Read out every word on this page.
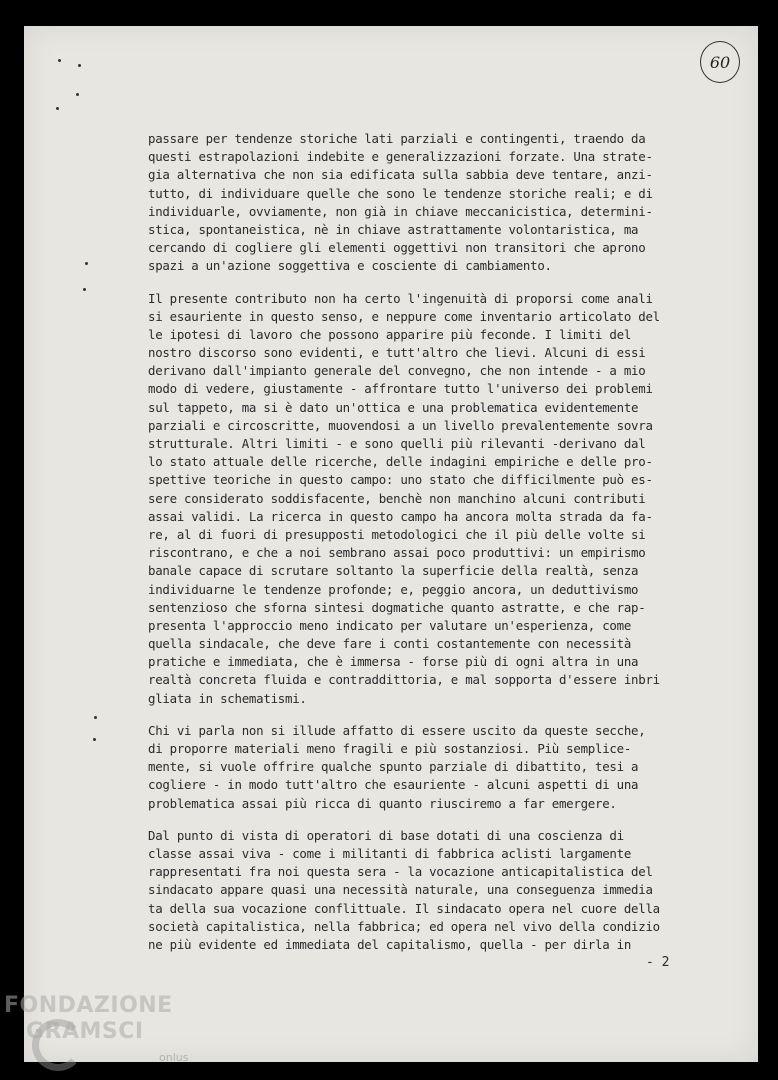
60
passare per tendenze storiche lati parziali e contingenti, traendo da
questi estrapolazioni indebite e generalizzazioni forzate. Una strate-
gia alternativa che non sia edificata sulla sabbia deve tentare, anzi-
tutto, di individuare quelle che sono le tendenze storiche reali; e di
individuarle, ovviamente, non già in chiave meccanicistica, determini-
stica, spontaneistica, nè in chiave astrattamente volontaristica, ma
cercando di cogliere gli elementi oggettivi non transitori che aprono
spazi a un'azione soggettiva e cosciente di cambiamento.
Il presente contributo non ha certo l'ingenuità di proporsi come anali
si esauriente in questo senso, e neppure come inventario articolato del
le ipotesi di lavoro che possono apparire più feconde. I limiti del
nostro discorso sono evidenti, e tutt'altro che lievi. Alcuni di essi
derivano dall'impianto generale del convegno, che non intende - a mio
modo di vedere, giustamente - affrontare tutto l'universo dei problemi
sul tappeto, ma si è dato un'ottica e una problematica evidentemente
parziali e circoscritte, muovendosi a un livello prevalentemente sovra
strutturale. Altri limiti - e sono quelli più rilevanti -derivano dal
lo stato attuale delle ricerche, delle indagini empiriche e delle pro-
spettive teoriche in questo campo: uno stato che difficilmente può es-
sere considerato soddisfacente, benchè non manchino alcuni contributi
assai validi. La ricerca in questo campo ha ancora molta strada da fa-
re, al di fuori di presupposti metodologici che il più delle volte si
riscontrano, e che a noi sembrano assai poco produttivi: un empirismo
banale capace di scrutare soltanto la superficie della realtà, senza
individuarne le tendenze profonde; e, peggio ancora, un deduttivismo
sentenzioso che sforna sintesi dogmatiche quanto astratte, e che rap-
presenta l'approccio meno indicato per valutare un'esperienza, come
quella sindacale, che deve fare i conti costantemente con necessità
pratiche e immediata, che è immersa - forse più di ogni altra in una
realtà concreta fluida e contraddittoria, e mal sopporta d'essere inbri
gliata in schematismi.
Chi vi parla non si illude affatto di essere uscito da queste secche,
di proporre materiali meno fragili e più sostanziosi. Più semplice-
mente, si vuole offrire qualche spunto parziale di dibattito, tesi a
cogliere - in modo tutt'altro che esauriente - alcuni aspetti di una
problematica assai più ricca di quanto riusciremo a far emergere.
Dal punto di vista di operatori di base dotati di una coscienza di
classe assai viva - come i militanti di fabbrica aclisti largamente
rappresentati fra noi questa sera - la vocazione anticapitalistica del
sindacato appare quasi una necessità naturale, una conseguenza immedia
ta della sua vocazione conflittuale. Il sindacato opera nel cuore della
società capitalistica, nella fabbrica; ed opera nel vivo della condizio
ne più evidente ed immediata del capitalismo, quella - per dirla in
- 2
FONDAZIONE
GRAMSCI
onlus
